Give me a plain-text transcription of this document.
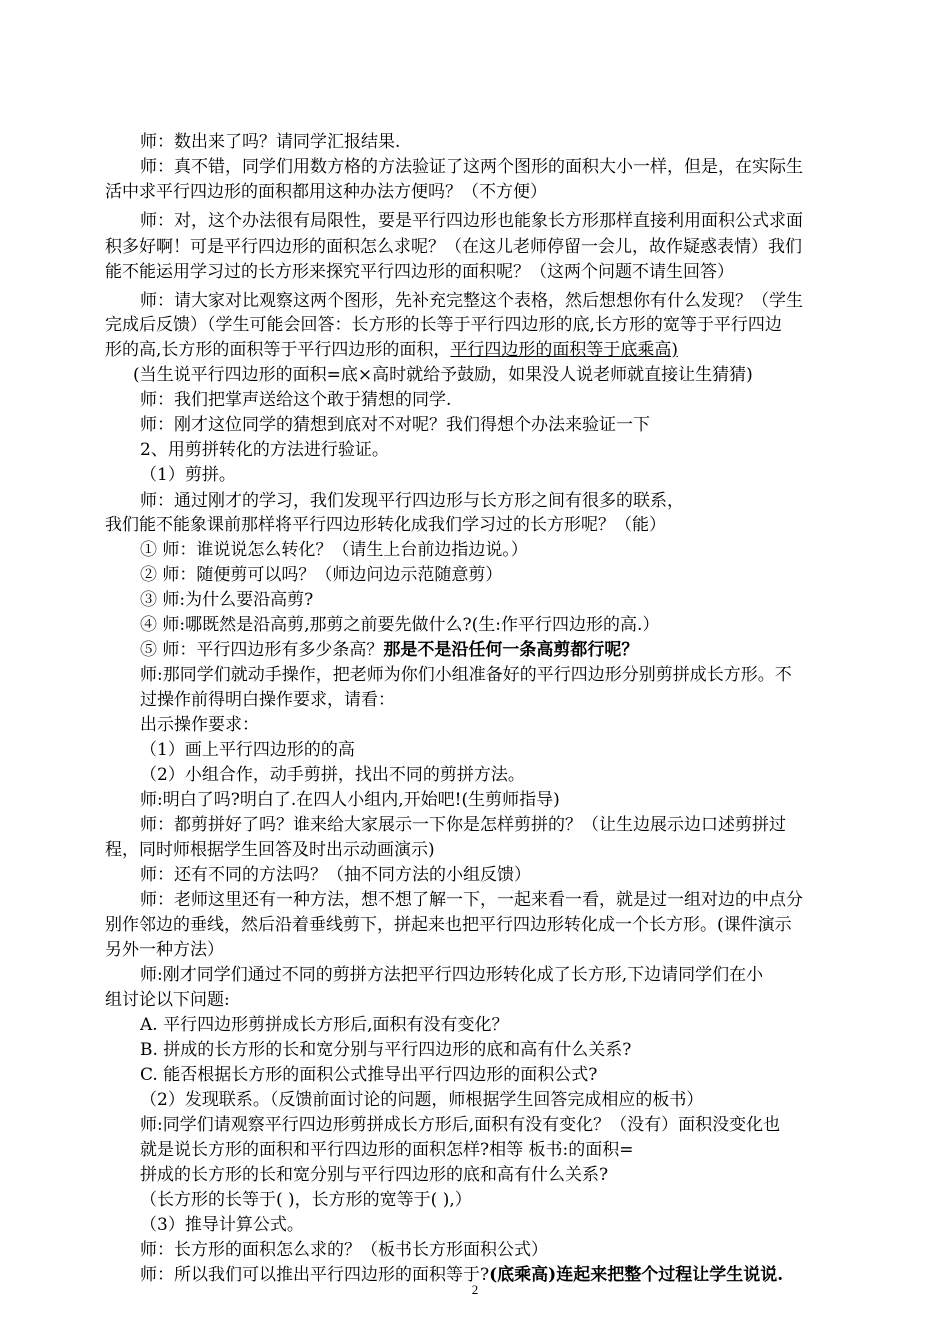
师：数出来了吗？请同学汇报结果.
师：真不错，同学们用数方格的方法验证了这两个图形的面积大小一样，但是，在实际生
活中求平行四边形的面积都用这种办法方便吗？（不方便）
师：对，这个办法很有局限性，要是平行四边形也能象长方形那样直接利用面积公式求面
积多好啊！可是平行四边形的面积怎么求呢？（在这儿老师停留一会儿，故作疑惑表情）我们
能不能运用学习过的长方形来探究平行四边形的面积呢？（这两个问题不请生回答）
师：请大家对比观察这两个图形，先补充完整这个表格，然后想想你有什么发现？（学生
完成后反馈）（学生可能会回答：长方形的长等于平行四边形的底,长方形的宽等于平行四边
形的高,长方形的面积等于平行四边形的面积，平行四边形的面积等于底乘高)
(当生说平行四边形的面积=底×高时就给予鼓励，如果没人说老师就直接让生猜猜)
师：我们把掌声送给这个敢于猜想的同学.
师：刚才这位同学的猜想到底对不对呢？我们得想个办法来验证一下
2、用剪拼转化的方法进行验证。
（1）剪拼。
师：通过刚才的学习，我们发现平行四边形与长方形之间有很多的联系，
我们能不能象课前那样将平行四边形转化成我们学习过的长方形呢？（能）
① 师：谁说说怎么转化？（请生上台前边指边说。）
② 师：随便剪可以吗？（师边问边示范随意剪）
③ 师:为什么要沿高剪?
④ 师:哪既然是沿高剪,那剪之前要先做什么?(生:作平行四边形的高.）
⑤ 师：平行四边形有多少条高？那是不是沿任何一条高剪都行呢？
师:那同学们就动手操作，把老师为你们小组准备好的平行四边形分别剪拼成长方形。不
过操作前得明白操作要求，请看：
出示操作要求：
（1）画上平行四边形的的高
（2）小组合作，动手剪拼，找出不同的剪拼方法。
师:明白了吗?明白了.在四人小组内,开始吧!(生剪师指导)
师：都剪拼好了吗？谁来给大家展示一下你是怎样剪拼的？（让生边展示边口述剪拼过
程，同时师根据学生回答及时出示动画演示)
师：还有不同的方法吗？（抽不同方法的小组反馈）
师：老师这里还有一种方法，想不想了解一下，一起来看一看，就是过一组对边的中点分
别作邻边的垂线，然后沿着垂线剪下，拼起来也把平行四边形转化成一个长方形。(课件演示
另外一种方法）
师:刚才同学们通过不同的剪拼方法把平行四边形转化成了长方形,下边请同学们在小
组讨论以下问题:
A. 平行四边形剪拼成长方形后,面积有没有变化？
B. 拼成的长方形的长和宽分别与平行四边形的底和高有什么关系?
C. 能否根据长方形的面积公式推导出平行四边形的面积公式?
（2）发现联系。（反馈前面讨论的问题，师根据学生回答完成相应的板书）
师:同学们请观察平行四边形剪拼成长方形后,面积有没有变化？（没有）面积没变化也
就是说长方形的面积和平行四边形的面积怎样?相等 板书:的面积=
拼成的长方形的长和宽分别与平行四边形的底和高有什么关系?
（长方形的长等于( )，长方形的宽等于( ),）
（3）推导计算公式。
师：长方形的面积怎么求的？（板书长方形面积公式）
师：所以我们可以推出平行四边形的面积等于?(底乘高)连起来把整个过程让学生说说.
2
